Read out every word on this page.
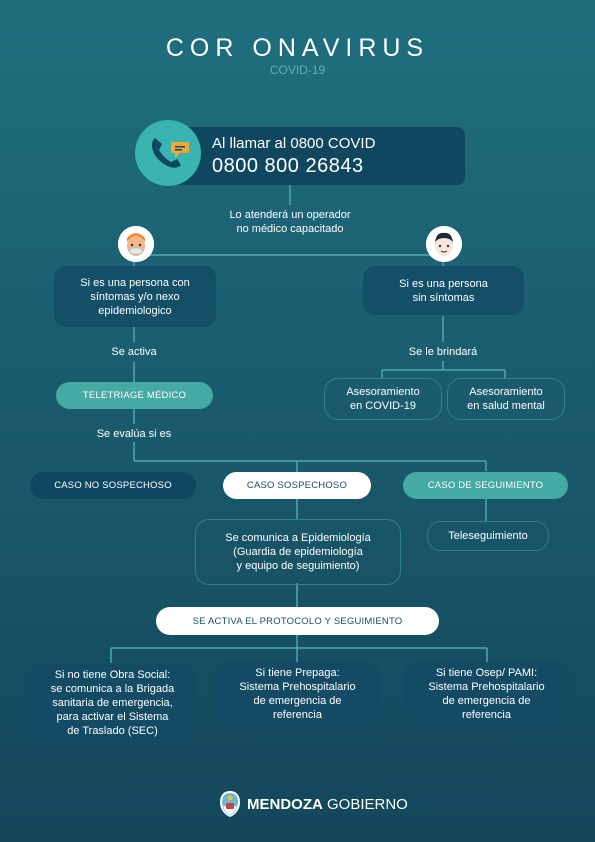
COR ONAVIRUS
COVID-19
Al llamar al 0800 COVID
0800 800 26843
Lo atenderá un operador
no médico capacitado
Si es una persona con
síntomas y/o nexo
epidemiologico
Se activa
TELETRIAGE MÉDICO
Se evalúa si es
Si es una persona
sin síntomas
Se le brindará
Asesoramiento
en COVID-19
Asesoramiento
en salud mental
CASO NO SOSPECHOSO	CASO SOSPECHOSO	CASO DE SEGUIMIENTO
Se comunica a Epidemiología
(Guardia de epidemiología
y equipo de seguimiento)
Teleseguimiento
SE ACTIVA EL PROTOCOLO Y SEGUIMIENTO
Si no tiene Obra Social:
se comunica a la Brigada
sanitaria de emergencia,
para activar el Sistema
de Traslado (SEC)
Si tiene Prepaga:
Sistema Prehospitalario
de emergencia de
referencia
Si tiene Osep/ PAMI:
Sistema Prehospitalario
de emergencia de
referencia
MENDOZA GOBIERNO
